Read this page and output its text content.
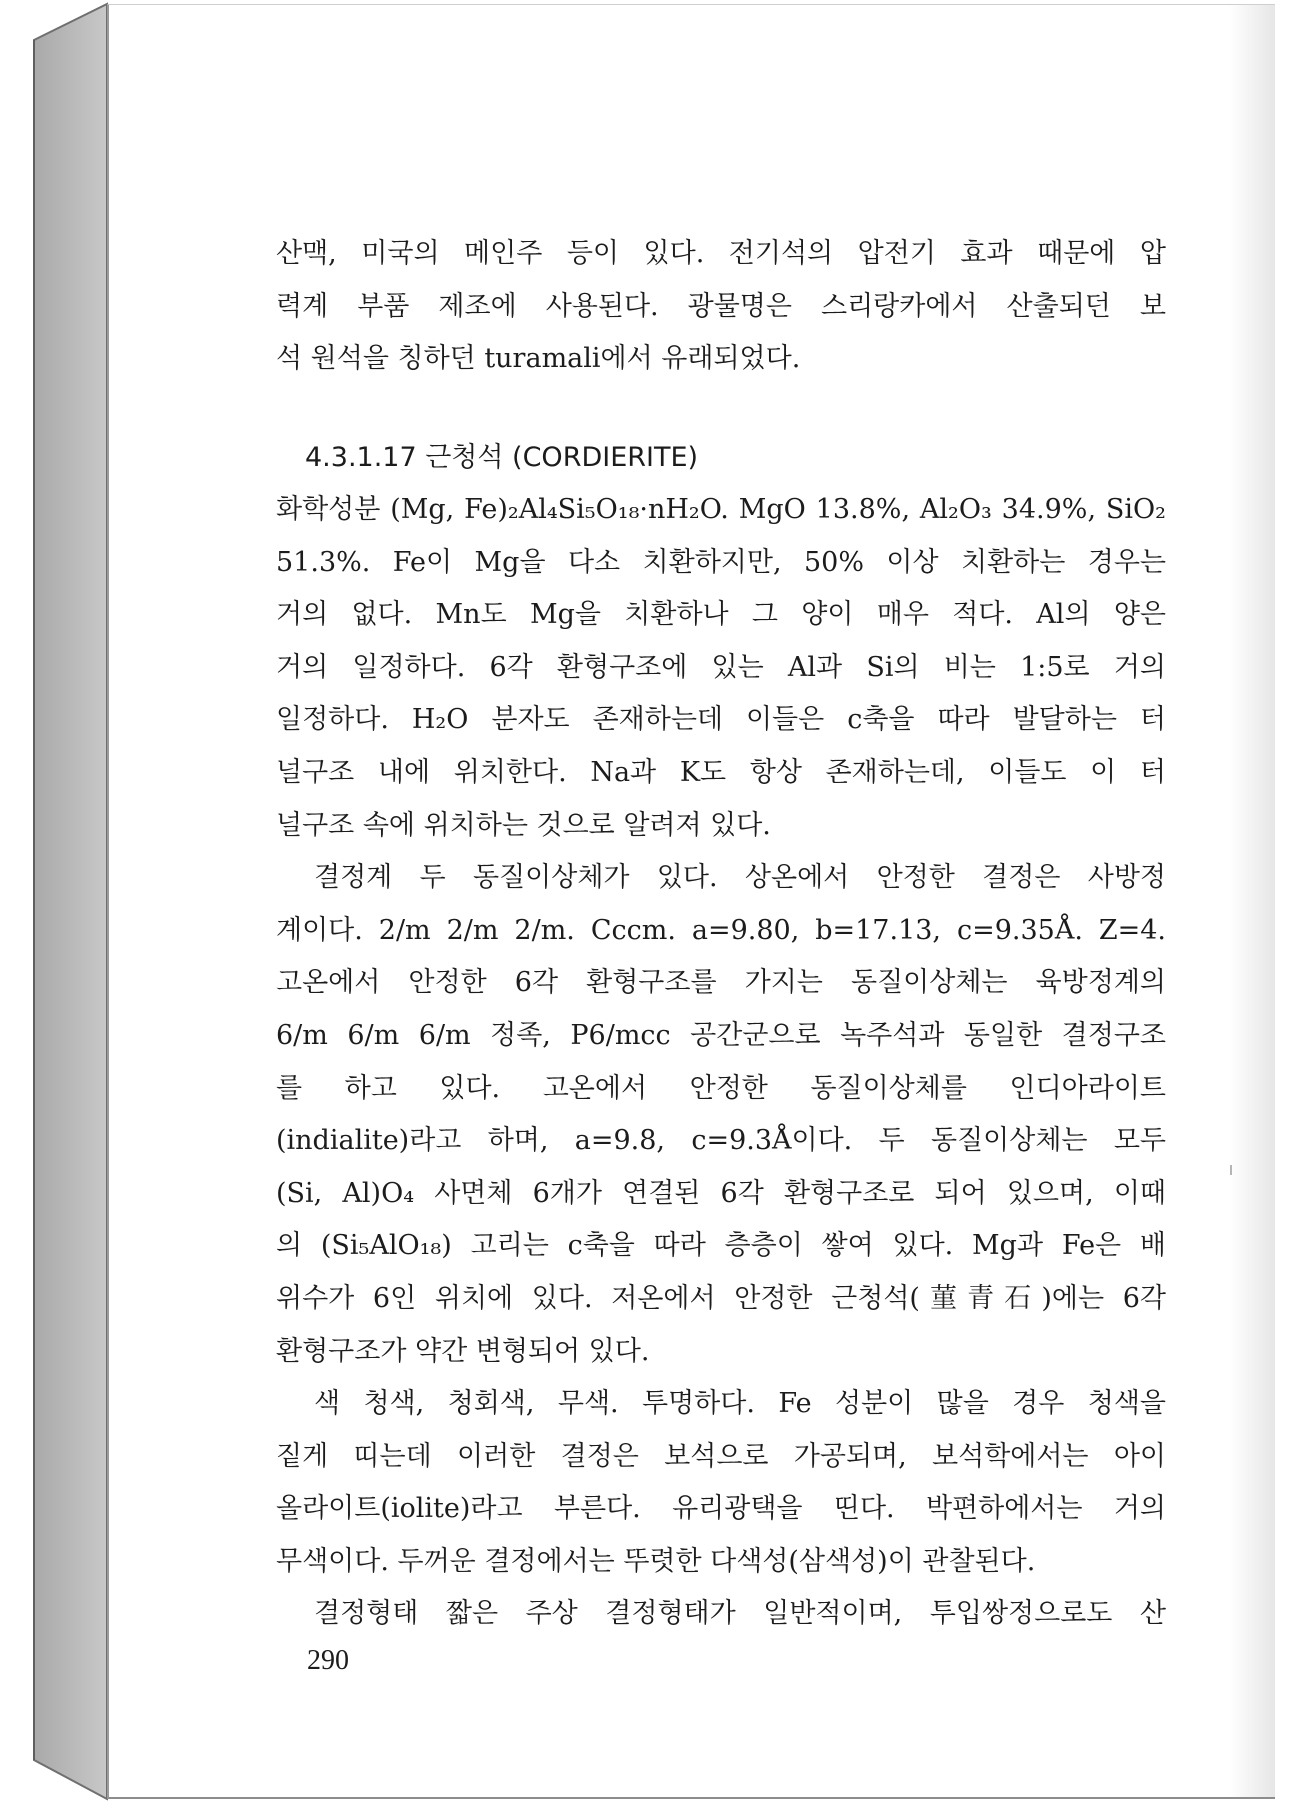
산맥, 미국의 메인주 등이 있다. 전기석의 압전기 효과 때문에 압
력계 부품 제조에 사용된다. 광물명은 스리랑카에서 산출되던 보
석 원석을 칭하던 turamali에서 유래되었다.
4.3.1.17 근청석 (CORDIERITE)
화학성분 (Mg, Fe)₂Al₄Si₅O₁₈·nH₂O. MgO 13.8%, Al₂O₃ 34.9%, SiO₂
51.3%. Fe이 Mg을 다소 치환하지만, 50% 이상 치환하는 경우는
거의 없다. Mn도 Mg을 치환하나 그 양이 매우 적다. Al의 양은
거의 일정하다. 6각 환형구조에 있는 Al과 Si의 비는 1:5로 거의
일정하다. H₂O 분자도 존재하는데 이들은 c축을 따라 발달하는 터
널구조 내에 위치한다. Na과 K도 항상 존재하는데, 이들도 이 터
널구조 속에 위치하는 것으로 알려져 있다.
결정계 두 동질이상체가 있다. 상온에서 안정한 결정은 사방정
계이다. 2/m 2/m 2/m. Cccm. a=9.80, b=17.13, c=9.35Å. Z=4.
고온에서 안정한 6각 환형구조를 가지는 동질이상체는 육방정계의
6/m 6/m 6/m 정족, P6/mcc 공간군으로 녹주석과 동일한 결정구조
를 하고 있다. 고온에서 안정한 동질이상체를 인디아라이트
(indialite)라고 하며, a=9.8, c=9.3Å이다. 두 동질이상체는 모두
(Si, Al)O₄ 사면체 6개가 연결된 6각 환형구조로 되어 있으며, 이때
의 (Si₅AlO₁₈) 고리는 c축을 따라 층층이 쌓여 있다. Mg과 Fe은 배
위수가 6인 위치에 있다. 저온에서 안정한 근청석(菫青石)에는 6각
환형구조가 약간 변형되어 있다.
색 청색, 청회색, 무색. 투명하다. Fe 성분이 많을 경우 청색을
짙게 띠는데 이러한 결정은 보석으로 가공되며, 보석학에서는 아이
올라이트(iolite)라고 부른다. 유리광택을 띤다. 박편하에서는 거의
무색이다. 두꺼운 결정에서는 뚜렷한 다색성(삼색성)이 관찰된다.
결정형태 짧은 주상 결정형태가 일반적이며, 투입쌍정으로도 산
290
